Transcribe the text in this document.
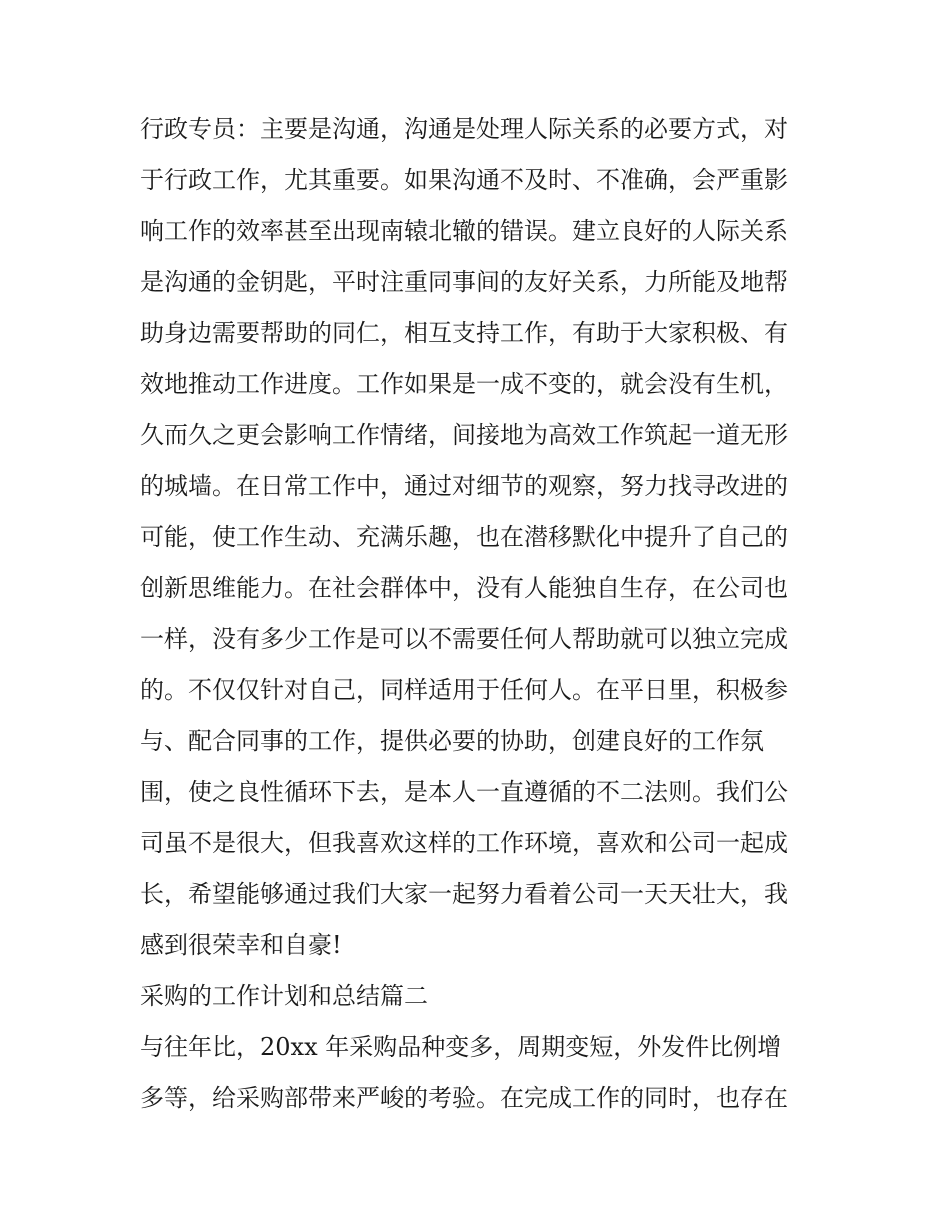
行政专员：主要是沟通，沟通是处理人际关系的必要方式，对
于行政工作，尤其重要。如果沟通不及时、不准确，会严重影
响工作的效率甚至出现南辕北辙的错误。建立良好的人际关系
是沟通的金钥匙，平时注重同事间的友好关系，力所能及地帮
助身边需要帮助的同仁，相互支持工作，有助于大家积极、有
效地推动工作进度。工作如果是一成不变的，就会没有生机，
久而久之更会影响工作情绪，间接地为高效工作筑起一道无形
的城墙。在日常工作中，通过对细节的观察，努力找寻改进的
可能，使工作生动、充满乐趣，也在潜移默化中提升了自己的
创新思维能力。在社会群体中，没有人能独自生存，在公司也
一样，没有多少工作是可以不需要任何人帮助就可以独立完成
的。不仅仅针对自己，同样适用于任何人。在平日里，积极参
与、配合同事的工作，提供必要的协助，创建良好的工作氛
围，使之良性循环下去，是本人一直遵循的不二法则。我们公
司虽不是很大，但我喜欢这样的工作环境，喜欢和公司一起成
长，希望能够通过我们大家一起努力看着公司一天天壮大，我
感到很荣幸和自豪!
采购的工作计划和总结篇二
与往年比，20xx 年采购品种变多，周期变短，外发件比例增
多等，给采购部带来严峻的考验。在完成工作的同时，也存在
